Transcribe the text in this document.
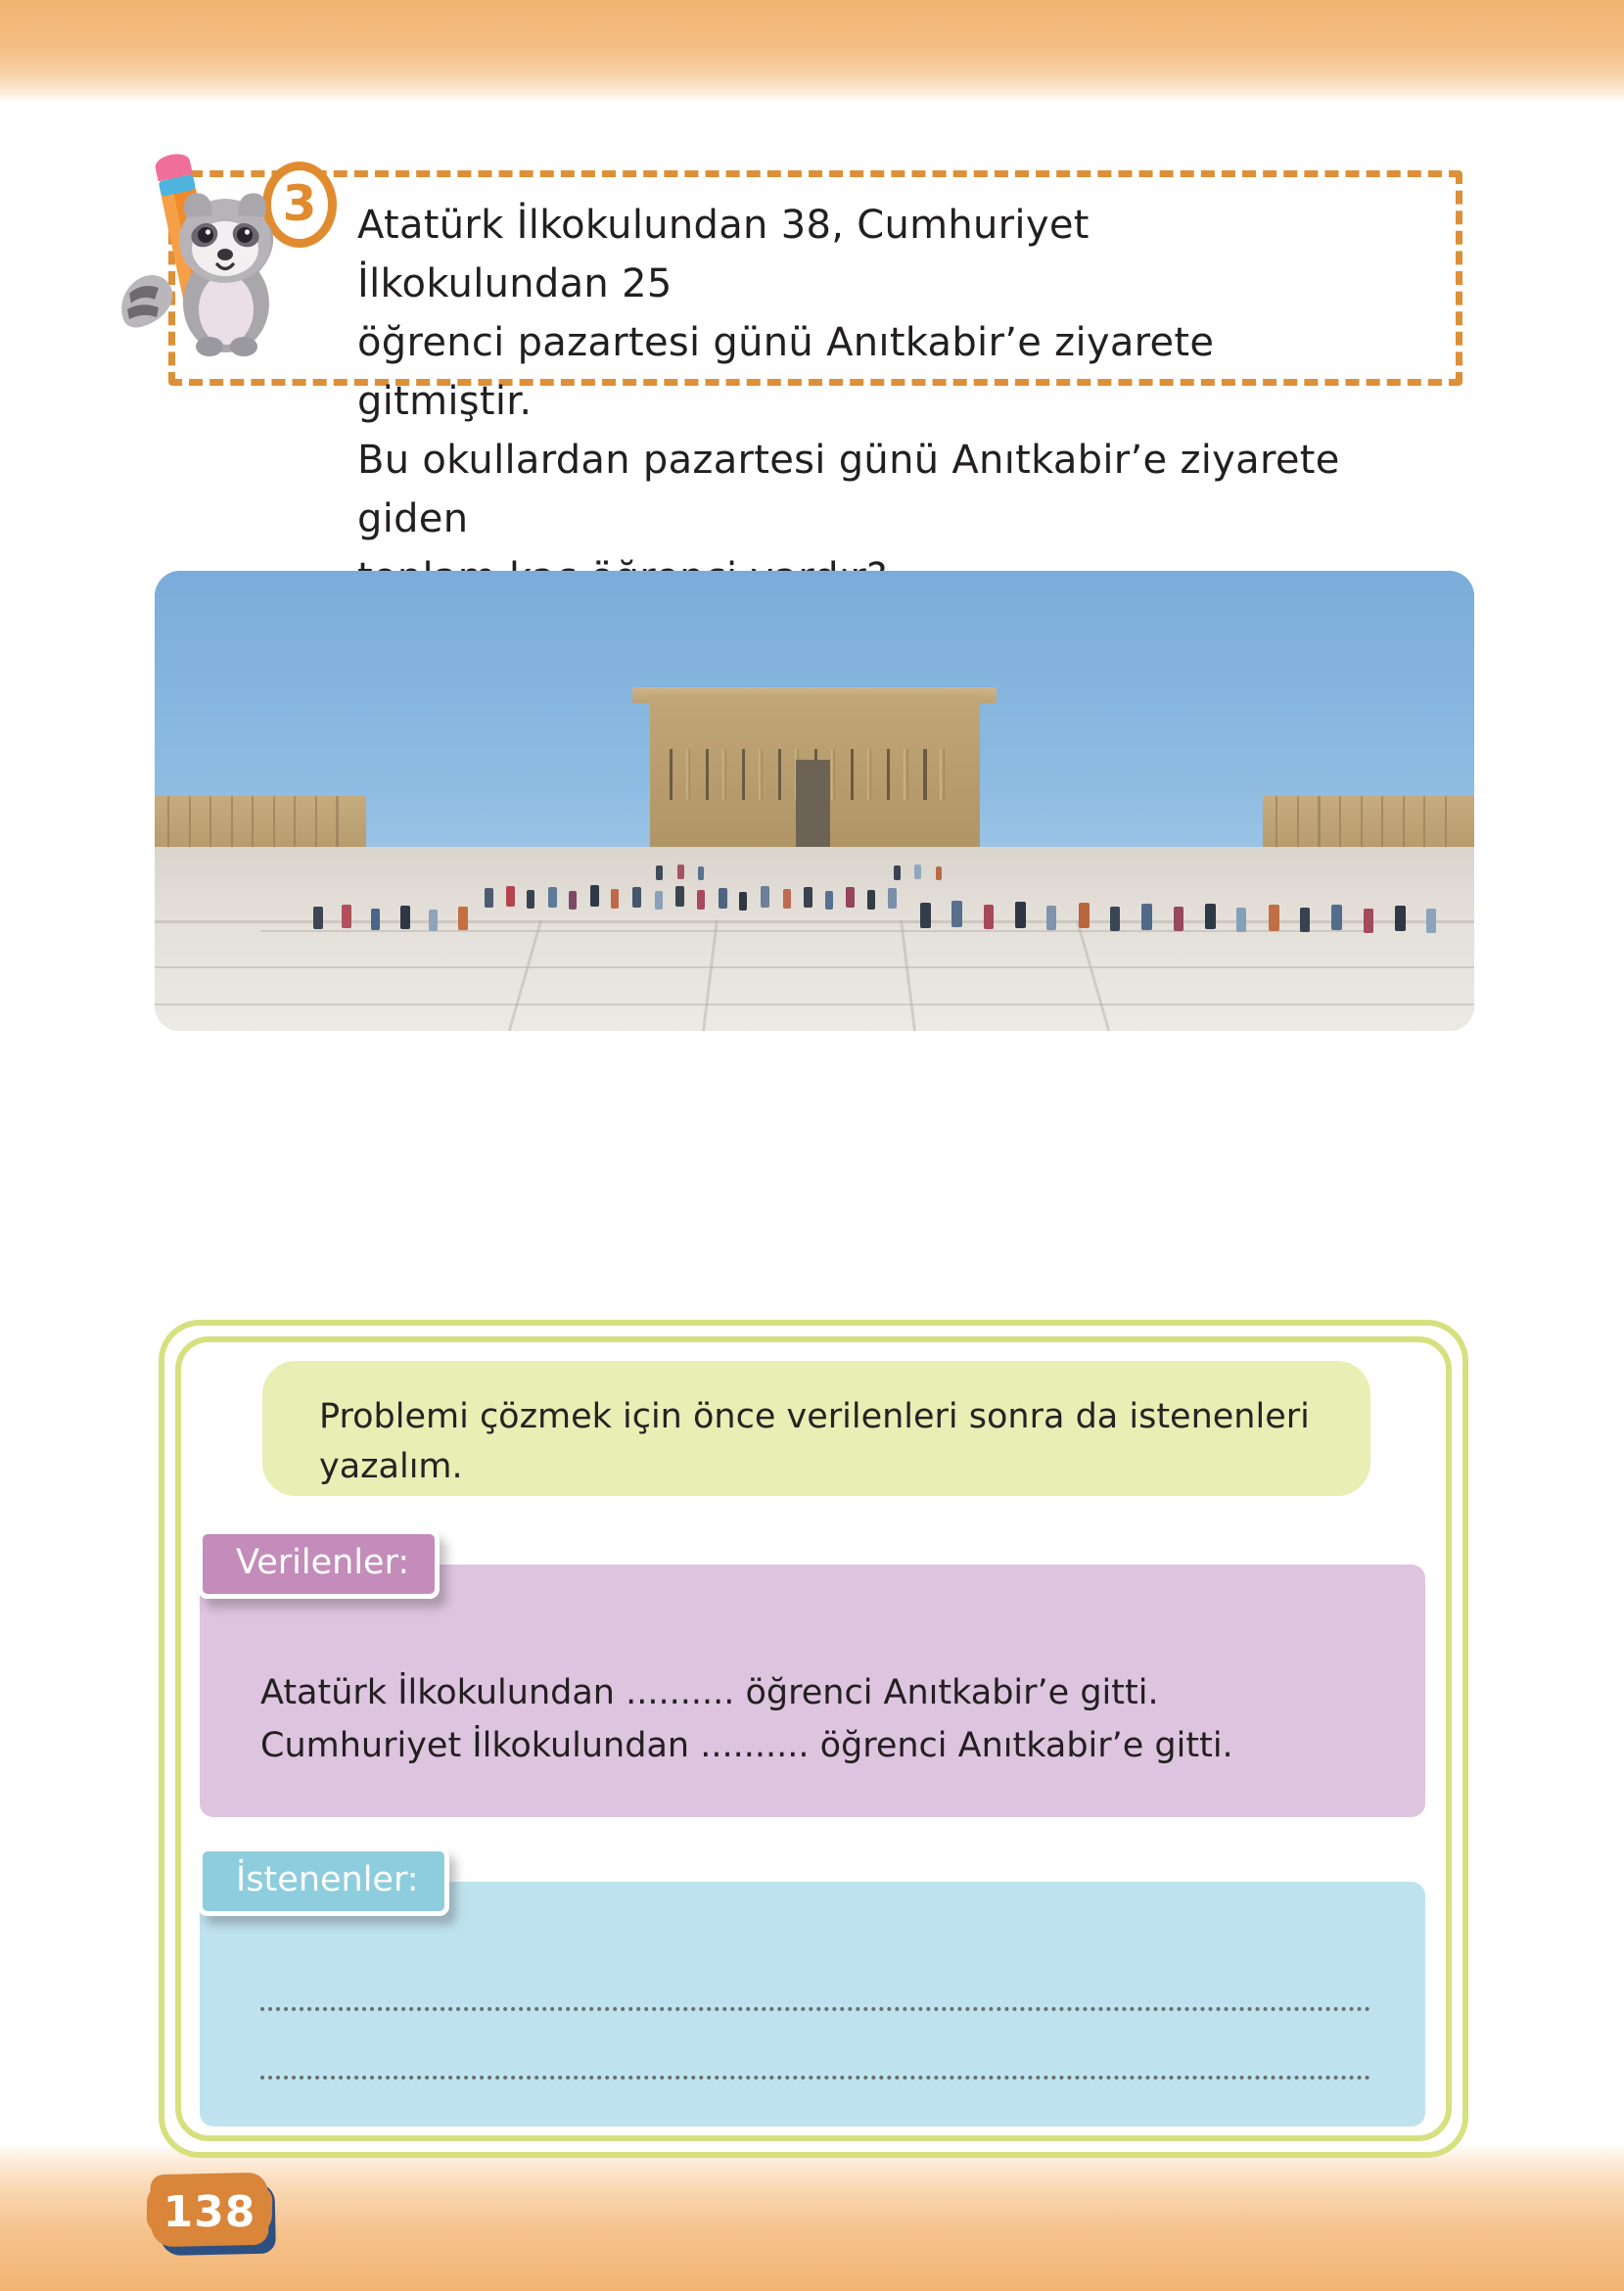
3 Atatürk İlkokulundan 38, Cumhuriyet İlkokulundan 25

öğrenci pazartesi günü Anıtkabir’e ziyarete gitmiştir.

Bu okullardan pazartesi günü Anıtkabir’e ziyarete giden

Problemi çözmek için önce verilenleri sonra da istenenleri

yazalım.

Verilenler:

Atatürk İlkokulundan .......... öğrenci Anıtkabir’e gitti.

Cumhuriyet İlkokulundan .......... öğrenci Anıtkabir’e gitti.

İstenenler:
138
